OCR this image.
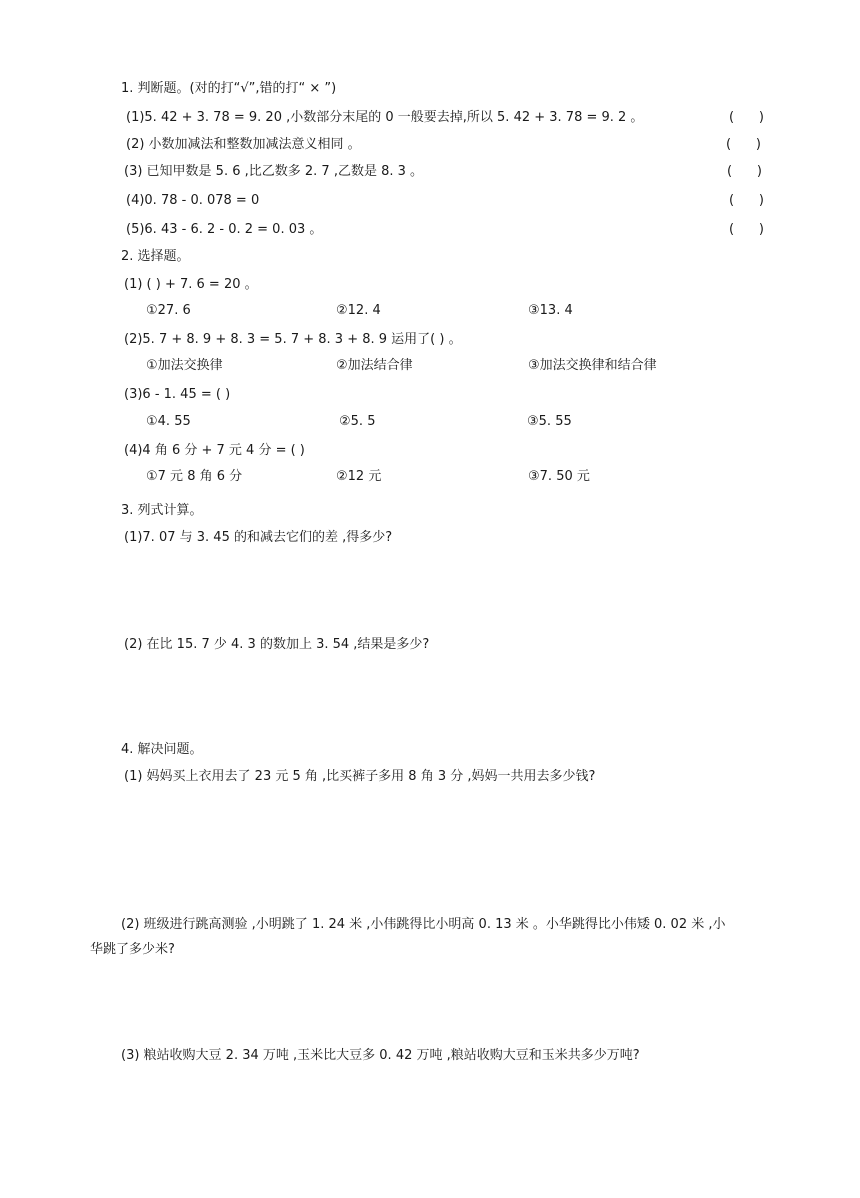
1. 判断题。(对的打“√”,错的打“ × ”)
(1)5. 42 + 3. 78 = 9. 20 ,小数部分末尾的 0 一般要去掉,所以 5. 42 + 3. 78 = 9. 2 。	(      )
(2) 小数加减法和整数加减法意义相同 。	(      )
(3) 已知甲数是 5. 6 ,比乙数多 2. 7 ,乙数是 8. 3 。	(      )
(4)0. 78 - 0. 078 = 0	(      )
(5)6. 43 - 6. 2 - 0. 2 = 0. 03 。	(      )
2. 选择题。
(1) ( ) + 7. 6 = 20 。
①27. 6	②12. 4	③13. 4
(2)5. 7 + 8. 9 + 8. 3 = 5. 7 + 8. 3 + 8. 9 运用了( ) 。
①加法交换律	②加法结合律	③加法交换律和结合律
(3)6 - 1. 45 = ( )
①4. 55	②5. 5	③5. 55
(4)4 角 6 分 + 7 元 4 分 = ( )
①7 元 8 角 6 分	②12 元	③7. 50 元
3. 列式计算。
(1)7. 07 与 3. 45 的和减去它们的差 ,得多少?
(2) 在比 15. 7 少 4. 3 的数加上 3. 54 ,结果是多少?
4. 解决问题。
(1) 妈妈买上衣用去了 23 元 5 角 ,比买裤子多用 8 角 3 分 ,妈妈一共用去多少钱?
(2) 班级进行跳高测验 ,小明跳了 1. 24 米 ,小伟跳得比小明高 0. 13 米 。小华跳得比小伟矮 0. 02 米 ,小
华跳了多少米?
(3) 粮站收购大豆 2. 34 万吨 ,玉米比大豆多 0. 42 万吨 ,粮站收购大豆和玉米共多少万吨?
